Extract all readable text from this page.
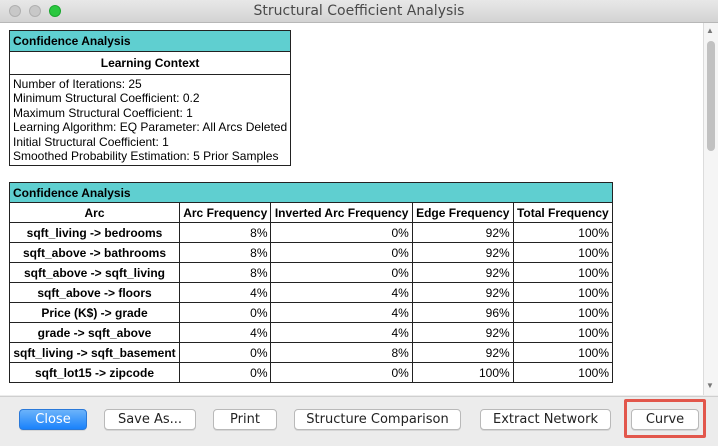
Structural Coefficient Analysis
Confidence Analysis
Learning Context

Number of Iterations: 25
Minimum Structural Coefficient: 0.2
Maximum Structural Coefficient: 1
Learning Algorithm: EQ Parameter: All Arcs Deleted
Initial Structural Coefficient: 1
Smoothed Probability Estimation: 5 Prior Samples
Confidence Analysis				
Arc	Arc Frequency	Inverted Arc Frequency	Edge Frequency	Total Frequency
sqft_living -> bedrooms	8%	0%	92%	100%
sqft_above -> bathrooms	8%	0%	92%	100%
sqft_above -> sqft_living	8%	0%	92%	100%
sqft_above -> floors	4%	4%	92%	100%
Price (K$) -> grade	0%	4%	96%	100%
grade -> sqft_above	4%	4%	92%	100%
sqft_living -> sqft_basement	0%	8%	92%	100%
sqft_lot15 -> zipcode	0%	0%	100%	100%
▲
▼
Close	Save As...	Print	Structure Comparison	Extract Network	Curve
